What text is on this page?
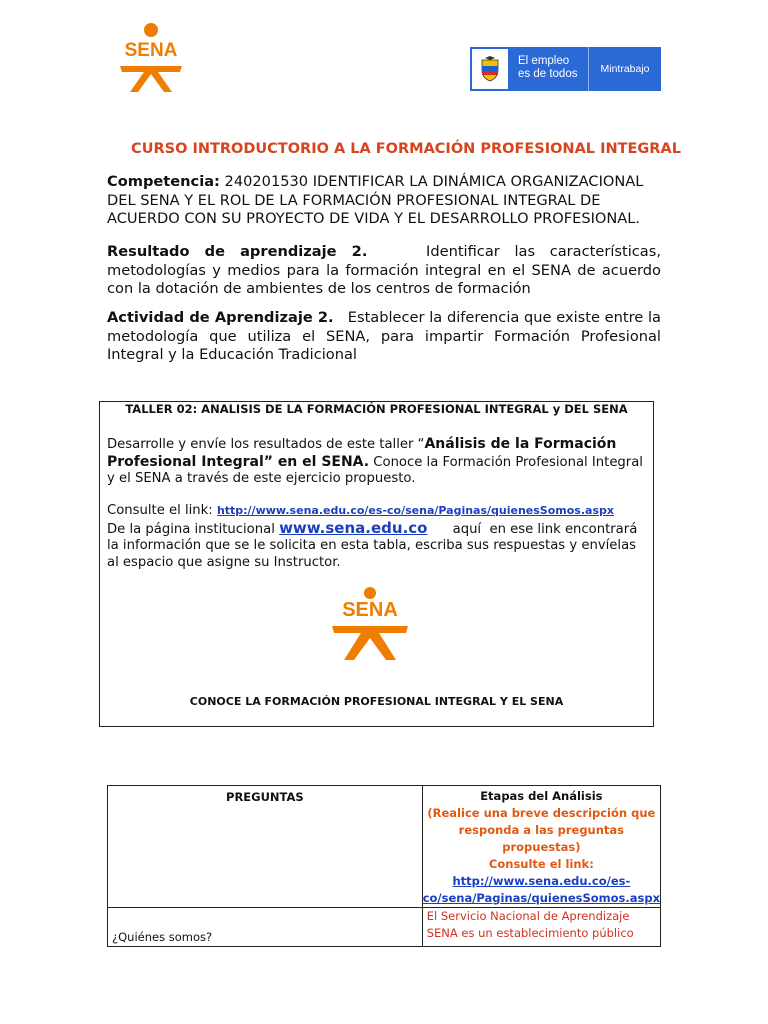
SENA	El empleo
es de todos	Mintrabajo
CURSO INTRODUCTORIO A LA FORMACIÓN PROFESIONAL INTEGRAL
Competencia: 240201530 IDENTIFICAR LA DINÁMICA ORGANIZACIONAL DEL SENA Y EL ROL DE LA FORMACIÓN PROFESIONAL INTEGRAL DE ACUERDO CON SU PROYECTO DE VIDA Y EL DESARROLLO PROFESIONAL.
Resultado de aprendizaje 2.    Identificar las características, metodologías y medios para la formación integral en el SENA de acuerdo con la dotación de ambientes de los centros de formación
Actividad de Aprendizaje 2.   Establecer la diferencia que existe entre la metodología que utiliza el SENA, para impartir Formación Profesional Integral y la Educación Tradicional
TALLER 02: ANALISIS DE LA FORMACIÓN PROFESIONAL INTEGRAL y DEL SENA
Desarrolle y envíe los resultados de este taller “Análisis de la Formación Profesional Integral” en el SENA. Conoce la Formación Profesional Integral y el SENA a través de este ejercicio propuesto.
Consulte el link: http://www.sena.edu.co/es-co/sena/Paginas/quienesSomos.aspx
De la página institucional www.sena.edu.co      aquí  en ese link encontrará la información que se le solicita en esta tabla, escriba sus respuestas y envíelas al espacio que asigne su Instructor.
SENA
CONOCE LA FORMACIÓN PROFESIONAL INTEGRAL Y EL SENA
PREGUNTAS	Etapas del Análisis
(Realice una breve descripción que responda a las preguntas propuestas)
Consulte el link:
http://www.sena.edu.co/es-co/sena/Paginas/quienesSomos.aspx

¿Quiénes somos?	El Servicio Nacional de Aprendizaje SENA es un establecimiento público
